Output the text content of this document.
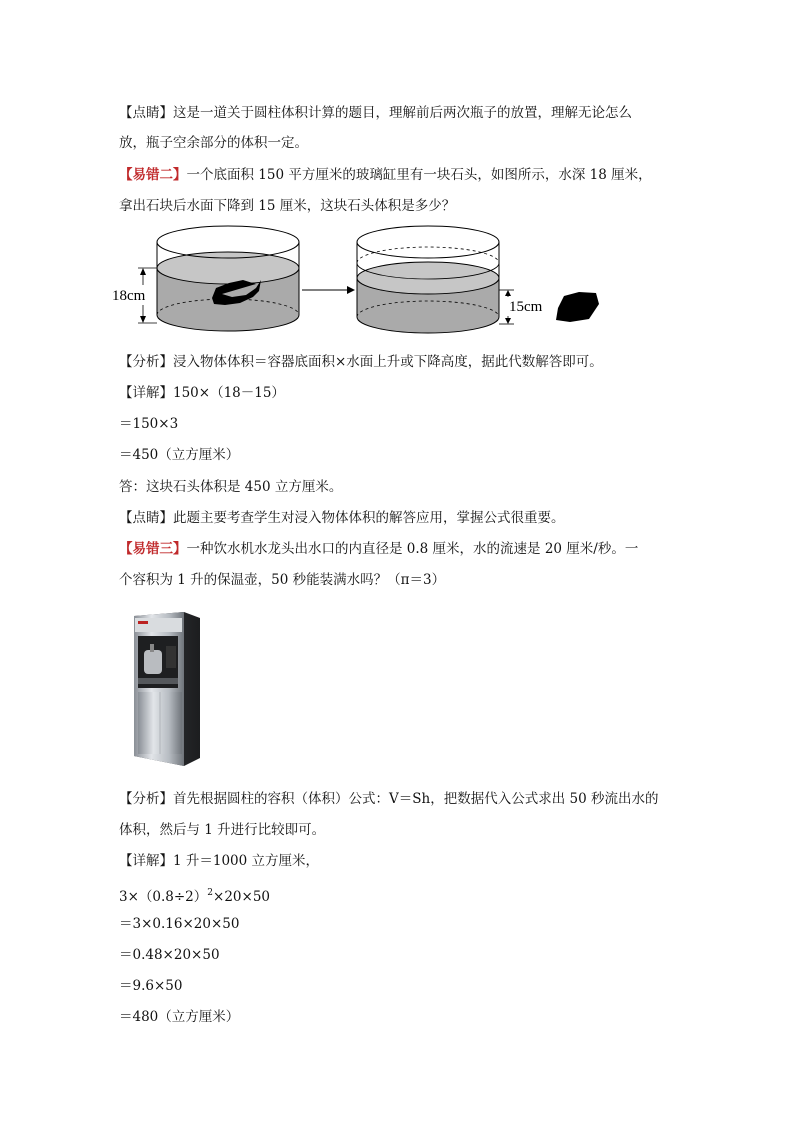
【点睛】这是一道关于圆柱体积计算的题目，理解前后两次瓶子的放置，理解无论怎么
放，瓶子空余部分的体积一定。
【易错二】一个底面积 150 平方厘米的玻璃缸里有一块石头，如图所示，水深 18 厘米，
拿出石块后水面下降到 15 厘米，这块石头体积是多少？
18cm
15cm
【分析】浸入物体体积＝容器底面积×水面上升或下降高度，据此代数解答即可。
【详解】150×（18－15）
＝150×3
＝450（立方厘米）
答：这块石头体积是 450 立方厘米。
【点睛】此题主要考查学生对浸入物体体积的解答应用，掌握公式很重要。
【易错三】一种饮水机水龙头出水口的内直径是 0.8 厘米，水的流速是 20 厘米/秒。一
个容积为 1 升的保温壶，50 秒能装满水吗？（π＝3）
【分析】首先根据圆柱的容积（体积）公式：V＝Sh，把数据代入公式求出 50 秒流出水的
体积，然后与 1 升进行比较即可。
【详解】1 升＝1000 立方厘米，
$3\times(0.8\div 2)^2\times 20\times 50$
＝3×0.16×20×50
＝0.48×20×50
＝9.6×50
＝480（立方厘米）
